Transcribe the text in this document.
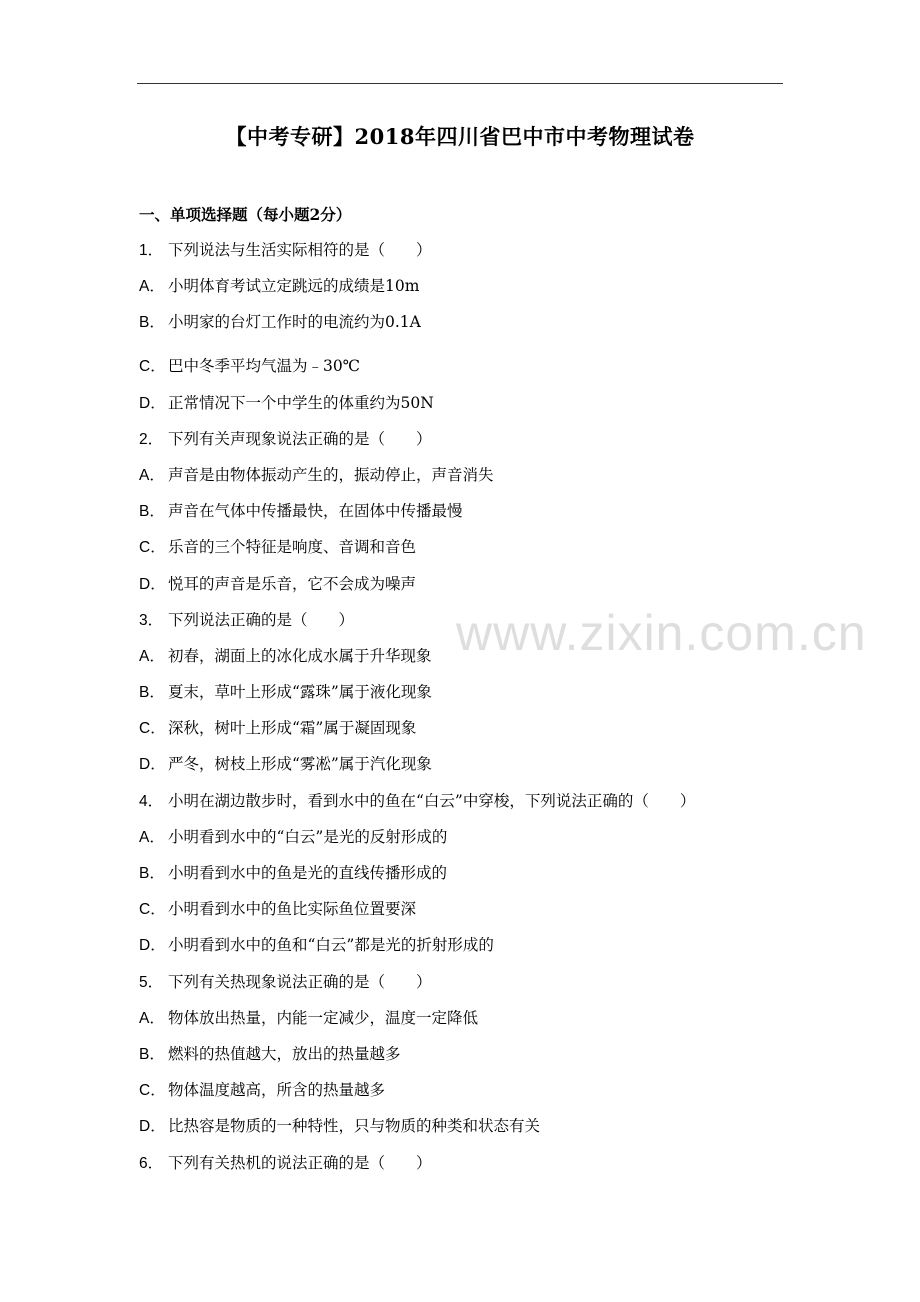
【中考专研】2018年四川省巴中市中考物理试卷
一、单项选择题（每小题2分）
www.zixin.com.cn
1． 下列说法与生活实际相符的是（　　）
A． 小明体育考试立定跳远的成绩是10m
B． 小明家的台灯工作时的电流约为0.1A
C． 巴中冬季平均气温为﹣30℃
D． 正常情况下一个中学生的体重约为50N
2． 下列有关声现象说法正确的是（　　）
A． 声音是由物体振动产生的，振动停止，声音消失
B． 声音在气体中传播最快，在固体中传播最慢
C． 乐音的三个特征是响度、音调和音色
D． 悦耳的声音是乐音，它不会成为噪声
3． 下列说法正确的是（　　）
A． 初春，湖面上的冰化成水属于升华现象
B． 夏末，草叶上形成“露珠”属于液化现象
C． 深秋，树叶上形成“霜”属于凝固现象
D． 严冬，树枝上形成“雾凇”属于汽化现象
4． 小明在湖边散步时，看到水中的鱼在“白云”中穿梭，下列说法正确的（　　）
A． 小明看到水中的“白云”是光的反射形成的
B． 小明看到水中的鱼是光的直线传播形成的
C． 小明看到水中的鱼比实际鱼位置要深
D． 小明看到水中的鱼和“白云”都是光的折射形成的
5． 下列有关热现象说法正确的是（　　）
A． 物体放出热量，内能一定减少，温度一定降低
B． 燃料的热值越大，放出的热量越多
C． 物体温度越高，所含的热量越多
D． 比热容是物质的一种特性，只与物质的种类和状态有关
6． 下列有关热机的说法正确的是（　　）
